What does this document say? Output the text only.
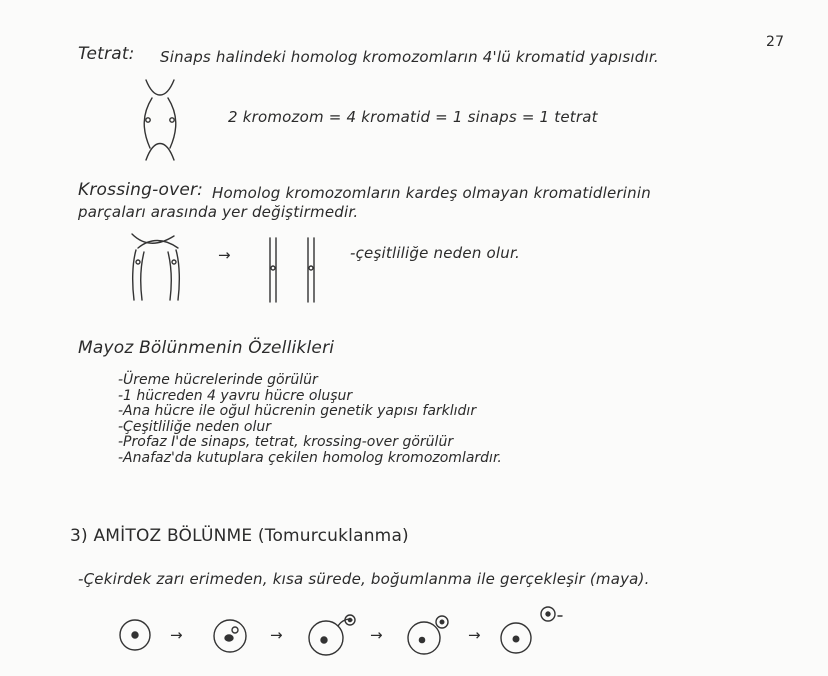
27
Tetrat: Sinaps halindeki homolog kromozomların 4'lü kromatid yapısıdır.
2 kromozom = 4 kromatid = 1 sinaps = 1 tetrat
Krossing-over: Homolog kromozomların kardeş olmayan kromatidlerinin
parçaları arasında yer değiştirmedir.
→	-çeşitliliğe neden olur.
Mayoz Bölünmenin Özellikleri
-Üreme hücrelerinde görülür
-1 hücreden 4 yavru hücre oluşur
-Ana hücre ile oğul hücrenin genetik yapısı farklıdır
-Çeşitliliğe neden olur
-Profaz I'de sinaps, tetrat, krossing-over görülür
-Anafaz'da kutuplara çekilen homolog kromozomlardır.
3) AMİTOZ BÖLÜNME (Tomurcuklanma)
-Çekirdek zarı erimeden, kısa sürede, boğumlanma ile gerçekleşir (maya).
→	→	→	→
